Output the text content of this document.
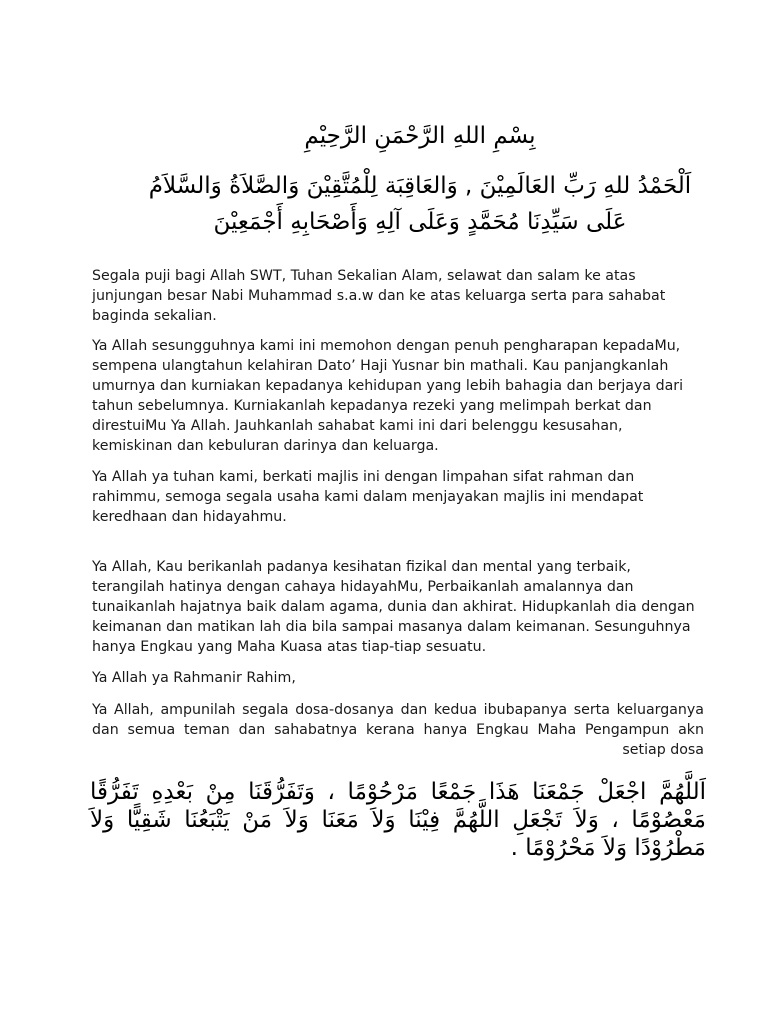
بِسْمِ اللهِ الرَّحْمَنِ الرَّحِيْمِ
اَلْحَمْدُ للهِ رَبِّ العَالَمِيْنَ , وَالعَاقِبَة لِلْمُتَّقِيْنَ وَالصَّلاَةُ وَالسَّلاَمُ عَلَى سَيِّدِنَا مُحَمَّدٍ وَعَلَى آلِهِ وَأَصْحَابِهِ أَجْمَعِيْنَ

Segala puji bagi Allah SWT, Tuhan Sekalian Alam, selawat dan salam ke atas junjungan besar Nabi Muhammad s.a.w dan ke atas keluarga serta para sahabat baginda sekalian.

Ya Allah sesungguhnya kami ini memohon dengan penuh pengharapan kepadaMu, sempena ulangtahun kelahiran Dato’ Haji Yusnar bin mathali. Kau panjangkanlah umurnya dan kurniakan kepadanya kehidupan yang lebih bahagia dan berjaya dari tahun sebelumnya. Kurniakanlah kepadanya rezeki yang melimpah berkat dan direstuiMu Ya Allah. Jauhkanlah sahabat kami ini dari belenggu kesusahan, kemiskinan dan kebuluran darinya dan keluarga.

Ya Allah ya tuhan kami, berkati majlis ini dengan limpahan sifat rahman dan rahimmu, semoga segala usaha kami dalam menjayakan majlis ini mendapat keredhaan dan hidayahmu.

Ya Allah, Kau berikanlah padanya kesihatan fizikal dan mental yang terbaik, terangilah hatinya dengan cahaya hidayahMu, Perbaikanlah amalannya dan tunaikanlah hajatnya baik dalam agama, dunia dan akhirat. Hidupkanlah dia dengan keimanan dan matikan lah dia bila sampai masanya dalam keimanan. Sesunguhnya hanya Engkau yang Maha Kuasa atas tiap-tiap sesuatu.

Ya Allah ya Rahmanir Rahim,

Ya Allah, ampunilah segala dosa-dosanya dan kedua ibubapanya serta keluarganya dan semua teman dan sahabatnya kerana hanya Engkau Maha Pengampun akn setiap dosa

اَللَّهُمَّ اجْعَلْ جَمْعَنَا هَذَا جَمْعًا مَرْحُوْمًا ، وَتَفَرُّقَنَا مِنْ بَعْدِهِ تَفَرُّقًا مَعْصُوْمًا ، وَلاَ تَجْعَلِ اللَّهُمَّ فِيْنَا وَلاَ مَعَنَا وَلاَ مَنْ يَتْبَعُنَا شَقِيًّا وَلاَ مَطْرُوْدًا وَلاَ مَحْرُوْمًا .
